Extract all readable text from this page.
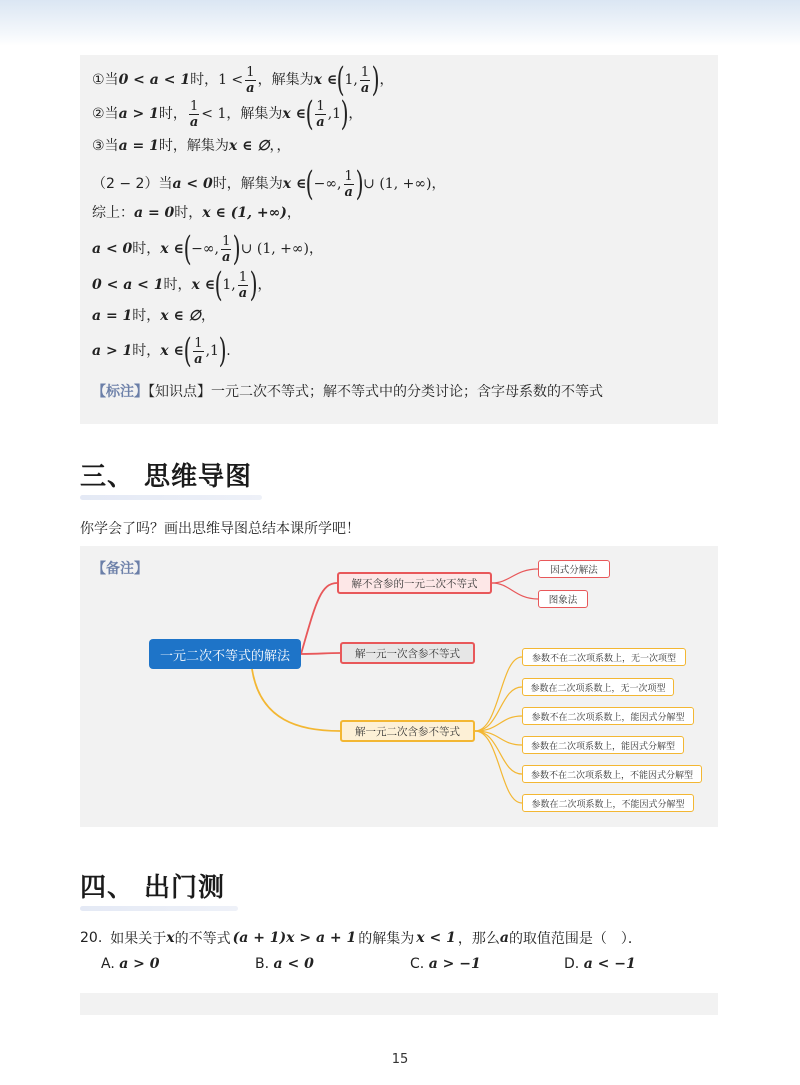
①当 0 < a < 1 时， $1 < \frac{1}{a}$ ，解集为 x ∈ ( 1, $\frac{1}{a}$ ) ，
②当 a > 1 时， $\frac{1}{a} < 1$ ，解集为 x ∈ ( $\frac{1}{a} ,1$ ) ，
③当 a = 1 时，解集为 x ∈ ∅ ，，
（2 − 2）当 a < 0 时，解集为 x ∈ ( −∞, $\frac{1}{a}$ ) ∪ (1, +∞) ，
综上： a = 0 时， x ∈ (1, +∞) ，
a < 0 时， x ∈ ( −∞, $\frac{1}{a}$ ) ∪ (1, +∞) ，
0 < a < 1 时， x ∈ ( 1, $\frac{1}{a}$ ) ，
a = 1 时， x ∈ ∅ ，
a > 1 时， x ∈ ( $\frac{1}{a} ,1$ ) .
【标注】【知识点】一元二次不等式；解不等式中的分类讨论；含字母系数的不等式
三、 思维导图
你学会了吗？画出思维导图总结本课所学吧！
【备注】
一元二次不等式的解法
解不含参的一元二次不等式
解一元一次含参不等式
解一元二次含参不等式
因式分解法
图象法
参数不在二次项系数上，无一次项型
参数在二次项系数上，无一次项型
参数不在二次项系数上，能因式分解型
参数在二次项系数上，能因式分解型
参数不在二次项系数上，不能因式分解型
参数在二次项系数上，不能因式分解型
四、 出门测
20. 如果关于 x 的不等式 (a + 1)x > a + 1 的解集为 x < 1 ，那么 a 的取值范围是（　）．
A. a > 0	B. a < 0	C. a > −1	D. a < −1
15
